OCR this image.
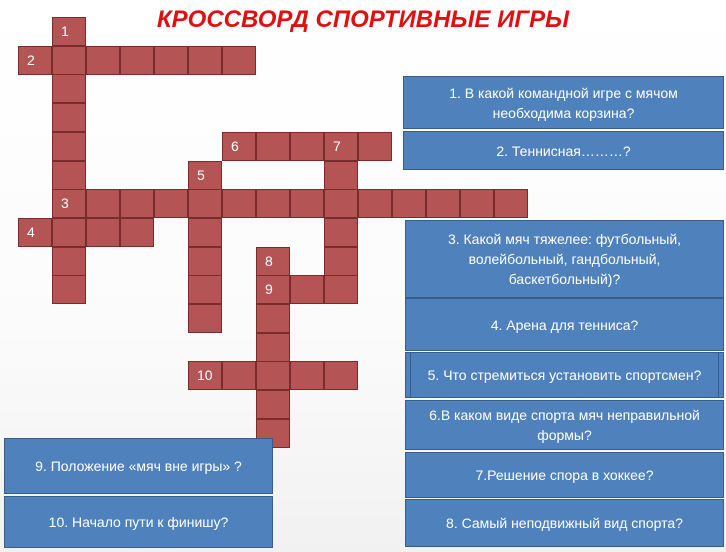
КРОССВОРД СПОРТИВНЫЕ ИГРЫ
1
3
2
6	7
5
4
9
8
10
1. В какой командной игре с мячом необходима корзина?
2. Теннисная………?
3. Какой мяч тяжелее: футбольный, волейбольный, гандбольный, баскетбольный)?
4. Арена для тенниса?
5. Что стремиться установить спортсмен?
6.В каком виде спорта мяч неправильной формы?
7.Решение спора в хоккее?
8. Самый неподвижный вид спорта?
9. Положение «мяч вне игры» ?
10. Начало пути к финишу?
